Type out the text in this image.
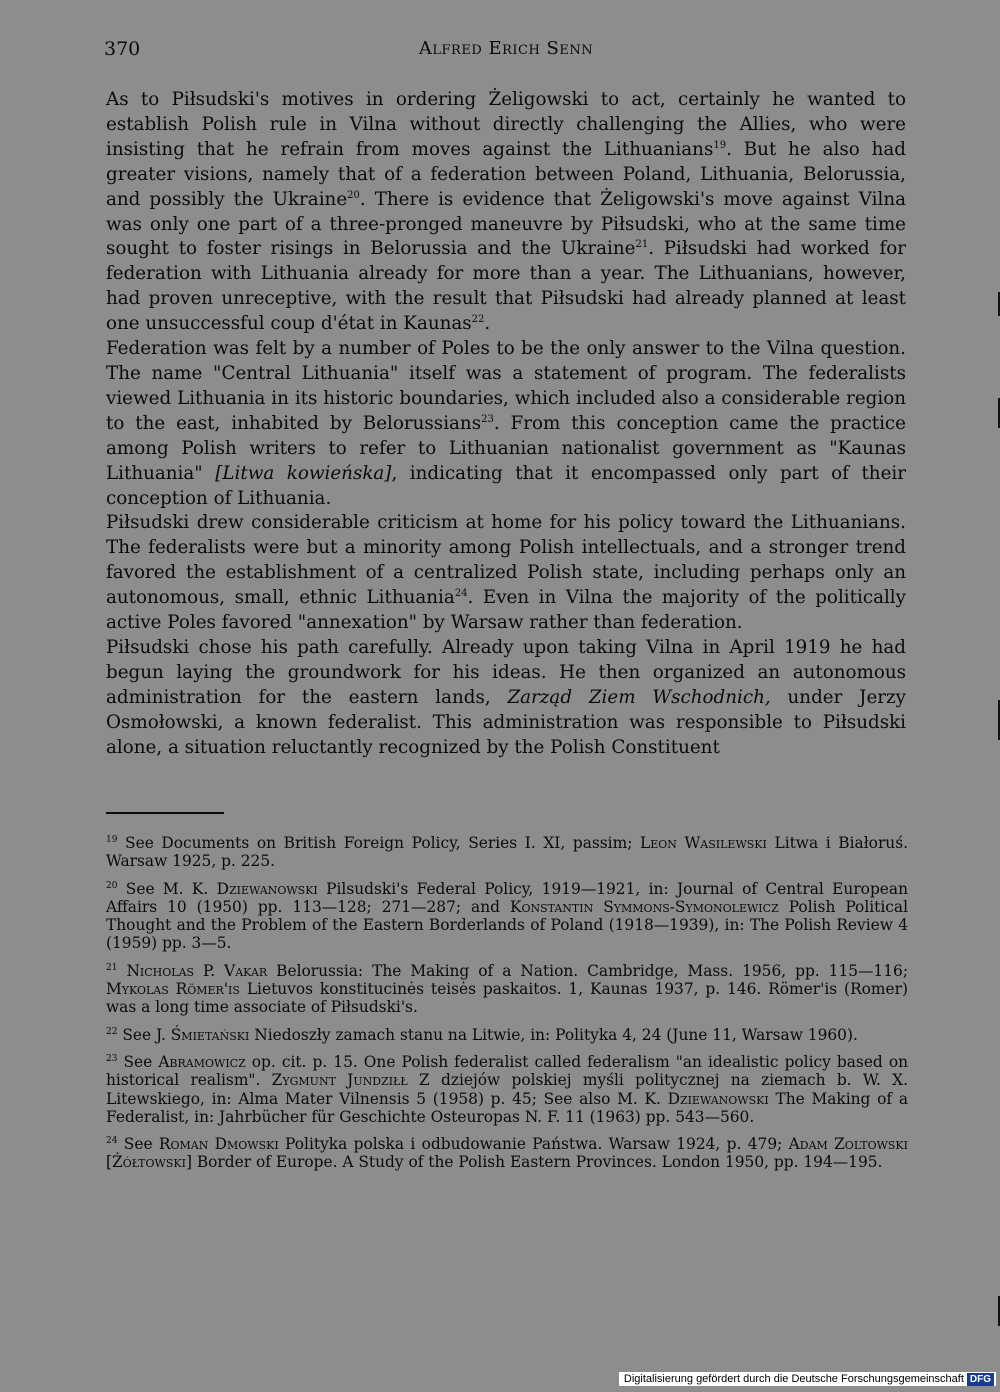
370	Alfred Erich Senn

As to Piłsudski's motives in ordering Żeligowski to act, certainly he wanted to establish Polish rule in Vilna without directly challenging the Allies, who were insisting that he refrain from moves against the Lithuanians$^{19}$. But he also had greater visions, namely that of a federation between Poland, Lithuania, Belorussia, and possibly the Ukraine$^{20}$. There is evidence that Żeligowski's move against Vilna was only one part of a three-pronged maneuvre by Piłsudski, who at the same time sought to foster risings in Belorussia and the Ukraine$^{21}$. Piłsudski had worked for federation with Lithuania already for more than a year. The Lithuanians, however, had proven unreceptive, with the result that Piłsudski had already planned at least one unsuccessful coup d'état in Kaunas$^{22}$.

Federation was felt by a number of Poles to be the only answer to the Vilna question. The name "Central Lithuania" itself was a statement of program. The federalists viewed Lithuania in its historic boundaries, which included also a considerable region to the east, inhabited by Belorussians$^{23}$. From this conception came the practice among Polish writers to refer to Lithuanian nationalist government as "Kaunas Lithuania" [Litwa kowieńska], indicating that it encompassed only part of their conception of Lithuania.

Piłsudski drew considerable criticism at home for his policy toward the Lithuanians. The federalists were but a minority among Polish intellectuals, and a stronger trend favored the establishment of a centralized Polish state, including perhaps only an autonomous, small, ethnic Lithuania$^{24}$. Even in Vilna the majority of the politically active Poles favored "annexation" by Warsaw rather than federation.

Piłsudski chose his path carefully. Already upon taking Vilna in April 1919 he had begun laying the groundwork for his ideas. He then organized an autonomous administration for the eastern lands, Zarząd Ziem Wschodnich, under Jerzy Osmołowski, a known federalist. This administration was responsible to Piłsudski alone, a situation reluctantly recognized by the Polish Constituent

$^{19}$ See Documents on British Foreign Policy, Series I. XI, passim; Leon Wasilewski Litwa i Białoruś. Warsaw 1925, p. 225.

$^{20}$ See M. K. Dziewanowski Pilsudski's Federal Policy, 1919—1921, in: Journal of Central European Affairs 10 (1950) pp. 113—128; 271—287; and Konstantin Symmons-Symonolewicz Polish Political Thought and the Problem of the Eastern Borderlands of Poland (1918—1939), in: The Polish Review 4 (1959) pp. 3—5.

$^{21}$ Nicholas P. Vakar Belorussia: The Making of a Nation. Cambridge, Mass. 1956, pp. 115—116; Mykolas Römer'is Lietuvos konstitucinės teisės paskaitos. 1, Kaunas 1937, p. 146. Römer'is (Romer) was a long time associate of Piłsudski's.

$^{22}$ See J. Śmietański Niedoszły zamach stanu na Litwie, in: Polityka 4, 24 (June 11, Warsaw 1960).

$^{23}$ See Abramowicz op. cit. p. 15. One Polish federalist called federalism "an idealistic policy based on historical realism". Zygmunt Jundziłł Z dziejów polskiej myśli politycznej na ziemach b. W. X. Litewskiego, in: Alma Mater Vilnensis 5 (1958) p. 45; See also M. K. Dziewanowski The Making of a Federalist, in: Jahrbücher für Geschichte Osteuropas N. F. 11 (1963) pp. 543—560.

$^{24}$ See Roman Dmowski Polityka polska i odbudowanie Państwa. Warsaw 1924, p. 479; Adam Zoltowski [Żółtowski] Border of Europe. A Study of the Polish Eastern Provinces. London 1950, pp. 194—195.

Digitalisierung gefördert durch die Deutsche Forschungsgemeinschaft DFG
